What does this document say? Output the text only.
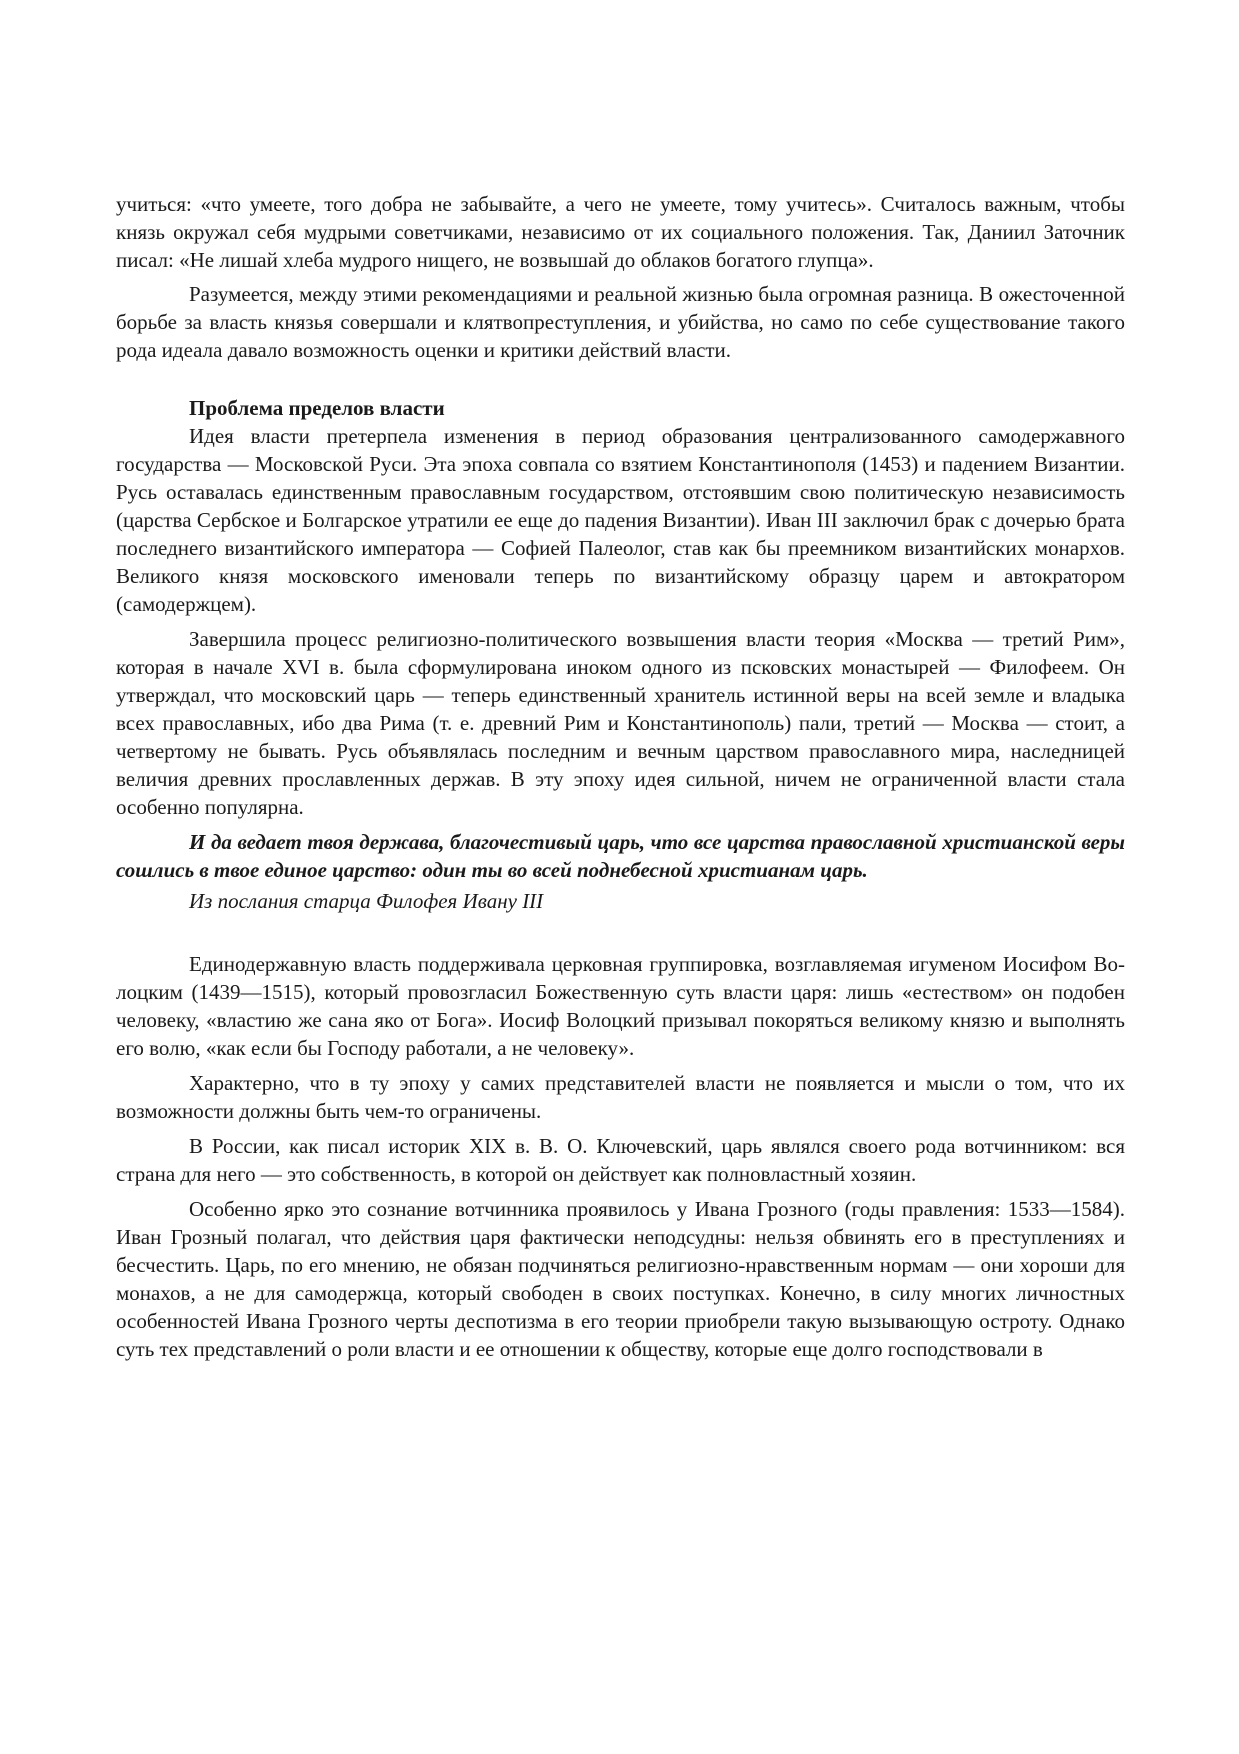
учиться: «что умеете, того добра не забывайте, а чего не умеете, тому учитесь». Считалось важным, чтобы князь окружал себя мудрыми советчиками, независимо от их социального положения. Так, Даниил Заточник писал: «Не лишай хлеба мудрого нищего, не возвышай до облаков богатого глупца».

Разумеется, между этими рекомендациями и реальной жизнью была огромная разница. В ожесточенной борьбе за власть князья совершали и клятвопреступления, и убийства, но само по себе существование такого рода идеала давало возможность оценки и критики действий власти.

Проблема пределов власти

Идея власти претерпела изменения в период образования централизованного самодержавного государства — Московской Руси. Эта эпоха совпала со взятием Константинополя (1453) и падением Византии. Русь оставалась единственным православным государством, отстоявшим свою политическую независимость (царства Сербское и Болгарское утратили ее еще до падения Византии). Иван III заключил брак с дочерью брата последнего византийского императора — Софией Палеолог, став как бы преемником византийских монархов. Великого князя московского именовали теперь по византийскому образцу царем и автократором (самодержцем).

Завершила процесс религиозно-политического возвышения власти теория «Москва — третий Рим», которая в начале XVI в. была сформулирована иноком одного из псковских монастырей — Филофеем. Он утверждал, что московский царь — теперь единственный хранитель истинной веры на всей земле и владыка всех православных, ибо два Рима (т. е. древний Рим и Константинополь) пали, третий — Москва — стоит, а четвертому не бывать. Русь объявлялась последним и вечным царством православного мира, наследницей величия древних прославленных держав. В эту эпоху идея сильной, ничем не ограниченной власти стала особенно популярна.

И да ведает твоя держава, благочестивый царь, что все царства православной христианской веры сошлись в твое единое царство: один ты во всей поднебесной христианам царь.

Из послания старца Филофея Ивану III

Единодержавную власть поддерживала церковная группировка, возглавляемая игуменом Иосифом Во-лоцким (1439—1515), который провозгласил Божественную суть власти царя: лишь «естеством» он подобен человеку, «властию же сана яко от Бога». Иосиф Волоцкий призывал покоряться великому князю и выполнять его волю, «как если бы Господу работали, а не человеку».

Характерно, что в ту эпоху у самих представителей власти не появляется и мысли о том, что их возможности должны быть чем-то ограничены.

В России, как писал историк XIX в. В. О. Ключевский, царь являлся своего рода вотчинником: вся страна для него — это собственность, в которой он действует как полновластный хозяин.

Особенно ярко это сознание вотчинника проявилось у Ивана Грозного (годы правления: 1533—1584). Иван Грозный полагал, что действия царя фактически неподсудны: нельзя обвинять его в преступлениях и бесчестить. Царь, по его мнению, не обязан подчиняться религиозно-нравственным нормам — они хороши для монахов, а не для самодержца, который свободен в своих поступках. Конечно, в силу многих личностных особенностей Ивана Грозного черты деспотизма в его теории приобрели такую вызывающую остроту. Однако суть тех представлений о роли власти и ее отношении к обществу, которые еще долго господствовали в
